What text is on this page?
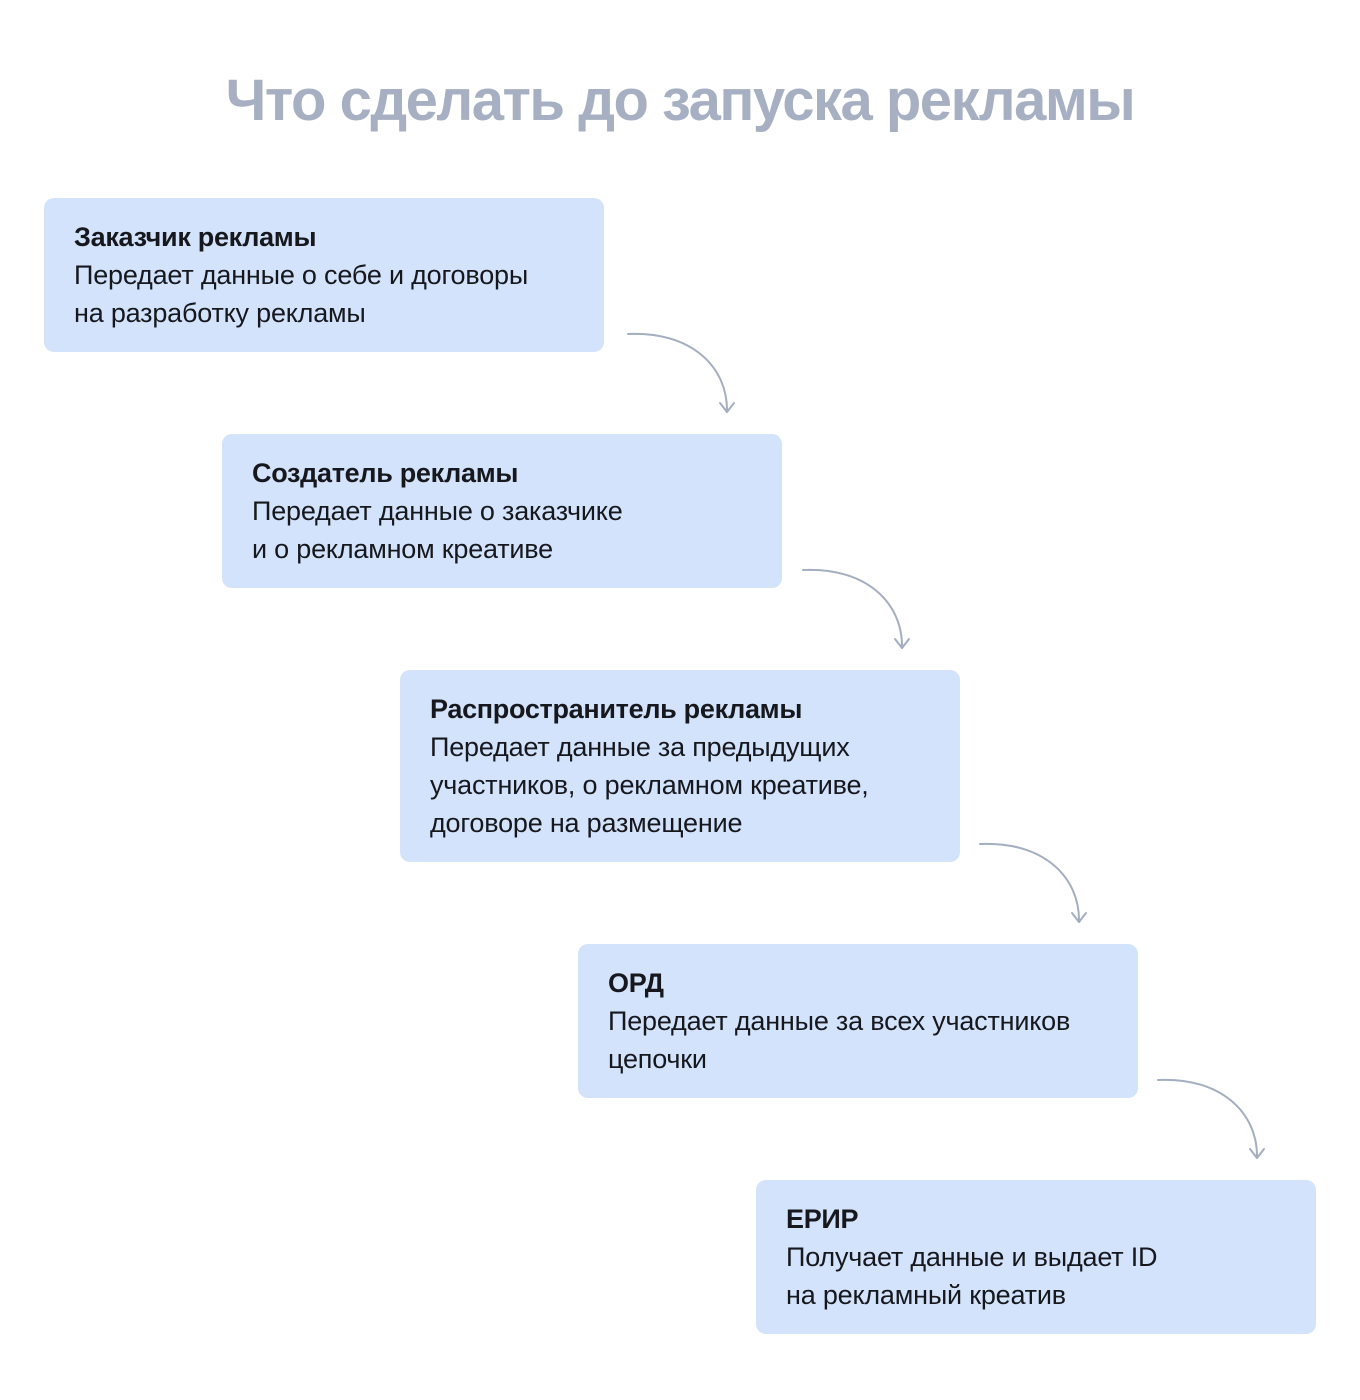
Что сделать до запуска рекламы
Заказчик рекламы
Передает данные о себе и договоры
на разработку рекламы
Создатель рекламы
Передает данные о заказчике
и о рекламном креативе
Распространитель рекламы
Передает данные за предыдущих
участников, о рекламном креативе,
договоре на размещение
ОРД
Передает данные за всех участников
цепочки
ЕРИР
Получает данные и выдает ID
на рекламный креатив
